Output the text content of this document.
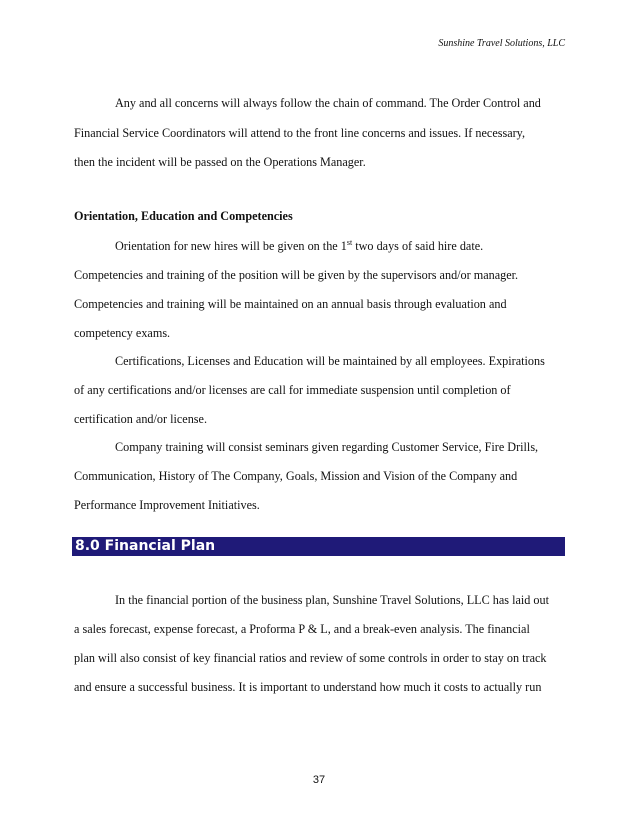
Sunshine Travel Solutions, LLC
Any and all concerns will always follow the chain of command. The Order Control and
Financial Service Coordinators will attend to the front line concerns and issues. If necessary,
then the incident will be passed on the Operations Manager.
Orientation, Education and Competencies
Orientation for new hires will be given on the 1st two days of said hire date.
Competencies and training of the position will be given by the supervisors and/or manager.
Competencies and training will be maintained on an annual basis through evaluation and
competency exams.
Certifications, Licenses and Education will be maintained by all employees. Expirations
of any certifications and/or licenses are call for immediate suspension until completion of
certification and/or license.
Company training will consist seminars given regarding Customer Service, Fire Drills,
Communication, History of The Company, Goals, Mission and Vision of the Company and
Performance Improvement Initiatives.
8.0 Financial Plan
In the financial portion of the business plan, Sunshine Travel Solutions, LLC has laid out
a sales forecast, expense forecast, a Proforma P & L, and a break-even analysis. The financial
plan will also consist of key financial ratios and review of some controls in order to stay on track
and ensure a successful business. It is important to understand how much it costs to actually run
37
